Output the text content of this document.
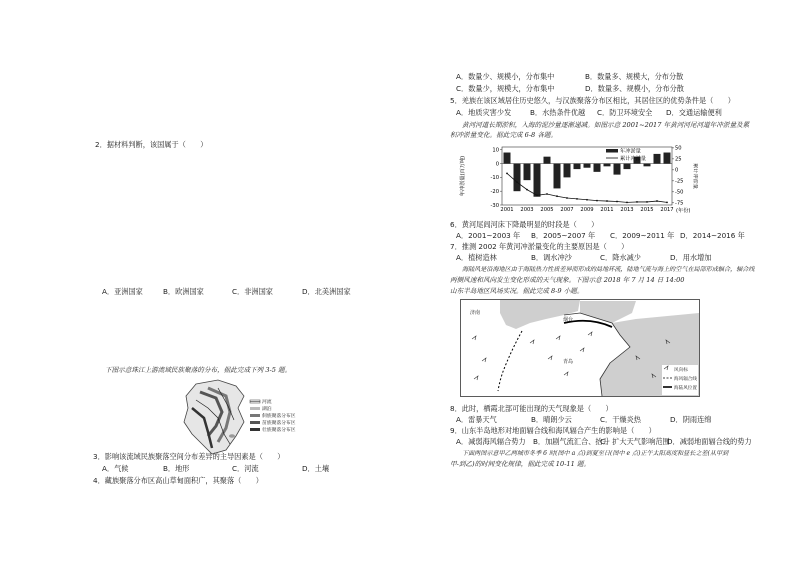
2．据材料判断，该国属于（　　）
A．亚洲国家	B．欧洲国家	C．非洲国家	D．北美洲国家
下图示意珠江上游流域民族聚落的分布，据此完成下列 3-5 题。
河流
湖泊
侗族聚落分布区
苗族聚落分布区
壮族聚落分布区
3．影响该流域民族聚落空间分布差异的主导因素是（　　）
A．气候	B．地形	C．河流	D．土壤
4．藏族聚落分布区高山草甸面积广，其聚落（　　）
A．数量少、规模小，分布集中	B．数量多、规模大，分布分散
C．数量少，规模大，分布集中	D．数量多、规模小，分布分散
5．羌族在该区域居住历史悠久，与汉族聚落分布区相比，其居住区的优势条件是（　　）
A．地质灾害少发	B．水热条件优越 C．防卫环境安全 D．交通运输便利
黄河河道长期淤积，入海的泥沙量逐渐递减。如图示意 2001~2017 年黄河河尾河道年冲淤量及累
积冲淤量变化。据此完成 6-8 各题。
10
0
-10
-20
-30
50
25
0
-25
-50
-75
2001 2003 2005 2007 2009 2011 2013 2015 2017 (年份)
年冲淤量(百万吨)	累计冲淤量
年冲淤量
累计冲淤量
6．黄河尾闾河床下降最明显的时段是（　　）
A．2001~2003 年 B．2005~2007 年 C．2009~2011 年 D．2014~2016 年
7．推测 2002 年黄河冲淤量变化的主要原因是（　　）
A．植树造林	B．调水冲沙	C．降水减少	D．用水增加
海陆风是沿海地区由于海陆热力性质差异而形成的局地环流，陆地气流与海上的空气在局部形成辐合，辐合线
两侧风速和风向发生变化形成的天气现象。下图示意 2018 年 7 月 14 日 14:00
山东半岛地区风场实况。据此完成 8-9 小题。
济南
烟台
青岛
风向标
海风辐合线
海陆风位置
8．此时，栖霞北部可能出现的天气现象是（　　）
A．雷暴天气	B．晴朗少云	C．干燥炎热	D．阴雨连绵
9．山东半岛地形对地面辐合线和海风辐合产生的影响是（　　）
A．减弱海风辐合势力 B．加剧气流汇合、抬升
C．扩大天气影响范围
D．减弱地面辐合线的势力
下面两图示意甲乙两城市冬季 6 时(图中 a 点)到夏至日(图中 e 点)正午太阳高度和昼长之差(从甲到
甲-到乙)的时间变化规律，据此完成 10-11 题。
